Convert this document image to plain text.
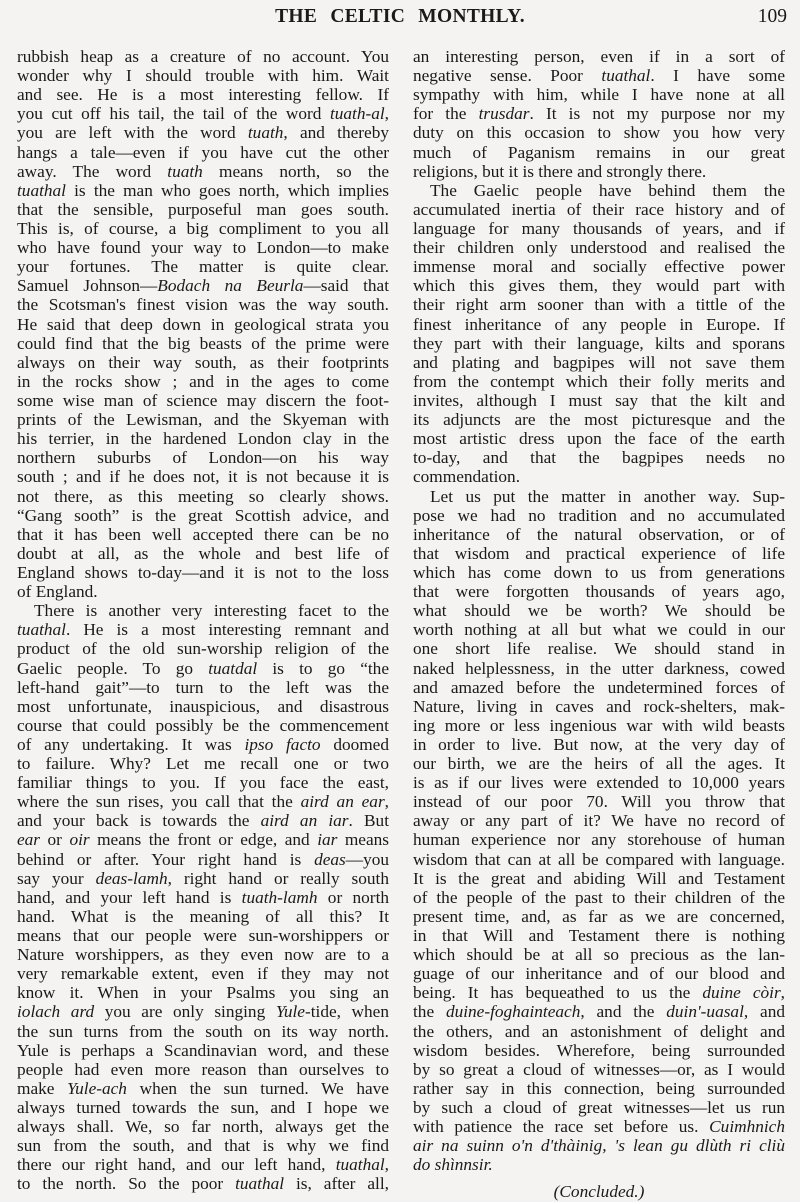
THE CELTIC MONTHLY.	109
rubbish heap as a creature of no account. You
wonder why I should trouble with him. Wait
and see. He is a most interesting fellow. If
you cut off his tail, the tail of the word tuath-al,
you are left with the word tuath, and thereby
hangs a tale—even if you have cut the other
away. The word tuath means north, so the
tuathal is the man who goes north, which implies
that the sensible, purposeful man goes south.
This is, of course, a big compliment to you all
who have found your way to London—to make
your fortunes. The matter is quite clear.
Samuel Johnson—Bodach na Beurla—said that
the Scotsman's finest vision was the way south.
He said that deep down in geological strata you
could find that the big beasts of the prime were
always on their way south, as their footprints
in the rocks show ; and in the ages to come
some wise man of science may discern the foot-
prints of the Lewisman, and the Skyeman with
his terrier, in the hardened London clay in the
northern suburbs of London—on his way
south ; and if he does not, it is not because it is
not there, as this meeting so clearly shows.
“Gang sooth” is the great Scottish advice, and
that it has been well accepted there can be no
doubt at all, as the whole and best life of
England shows to-day—and it is not to the loss
of England.
There is another very interesting facet to the
tuathal. He is a most interesting remnant and
product of the old sun-worship religion of the
Gaelic people. To go tuatdal is to go “the
left-hand gait”—to turn to the left was the
most unfortunate, inauspicious, and disastrous
course that could possibly be the commencement
of any undertaking. It was ipso facto doomed
to failure. Why? Let me recall one or two
familiar things to you. If you face the east,
where the sun rises, you call that the aird an ear,
and your back is towards the aird an iar. But
ear or oir means the front or edge, and iar means
behind or after. Your right hand is deas—you
say your deas-lamh, right hand or really south
hand, and your left hand is tuath-lamh or north
hand. What is the meaning of all this? It
means that our people were sun-worshippers or
Nature worshippers, as they even now are to a
very remarkable extent, even if they may not
know it. When in your Psalms you sing an
iolach ard you are only singing Yule-tide, when
the sun turns from the south on its way north.
Yule is perhaps a Scandinavian word, and these
people had even more reason than ourselves to
make Yule-ach when the sun turned. We have
always turned towards the sun, and I hope we
always shall. We, so far north, always get the
sun from the south, and that is why we find
there our right hand, and our left hand, tuathal,
to the north. So the poor tuathal is, after all,
an interesting person, even if in a sort of
negative sense. Poor tuathal. I have some
sympathy with him, while I have none at all
for the trusdar. It is not my purpose nor my
duty on this occasion to show you how very
much of Paganism remains in our great
religions, but it is there and strongly there.
The Gaelic people have behind them the
accumulated inertia of their race history and of
language for many thousands of years, and if
their children only understood and realised the
immense moral and socially effective power
which this gives them, they would part with
their right arm sooner than with a tittle of the
finest inheritance of any people in Europe. If
they part with their language, kilts and sporans
and plating and bagpipes will not save them
from the contempt which their folly merits and
invites, although I must say that the kilt and
its adjuncts are the most picturesque and the
most artistic dress upon the face of the earth
to-day, and that the bagpipes needs no
commendation.
Let us put the matter in another way. Sup-
pose we had no tradition and no accumulated
inheritance of the natural observation, or of
that wisdom and practical experience of life
which has come down to us from generations
that were forgotten thousands of years ago,
what should we be worth? We should be
worth nothing at all but what we could in our
one short life realise. We should stand in
naked helplessness, in the utter darkness, cowed
and amazed before the undetermined forces of
Nature, living in caves and rock-shelters, mak-
ing more or less ingenious war with wild beasts
in order to live. But now, at the very day of
our birth, we are the heirs of all the ages. It
is as if our lives were extended to 10,000 years
instead of our poor 70. Will you throw that
away or any part of it? We have no record of
human experience nor any storehouse of human
wisdom that can at all be compared with language.
It is the great and abiding Will and Testament
of the people of the past to their children of the
present time, and, as far as we are concerned,
in that Will and Testament there is nothing
which should be at all so precious as the lan-
guage of our inheritance and of our blood and
being. It has bequeathed to us the duine còir,
the duine-foghainteach, and the duin'-uasal, and
the others, and an astonishment of delight and
wisdom besides. Wherefore, being surrounded
by so great a cloud of witnesses—or, as I would
rather say in this connection, being surrounded
by such a cloud of great witnesses—let us run
with patience the race set before us. Cuimhnich
air na suinn o'n d'thàinig, 's lean gu dlùth ri cliù
do shìnnsir.
(Concluded.)
